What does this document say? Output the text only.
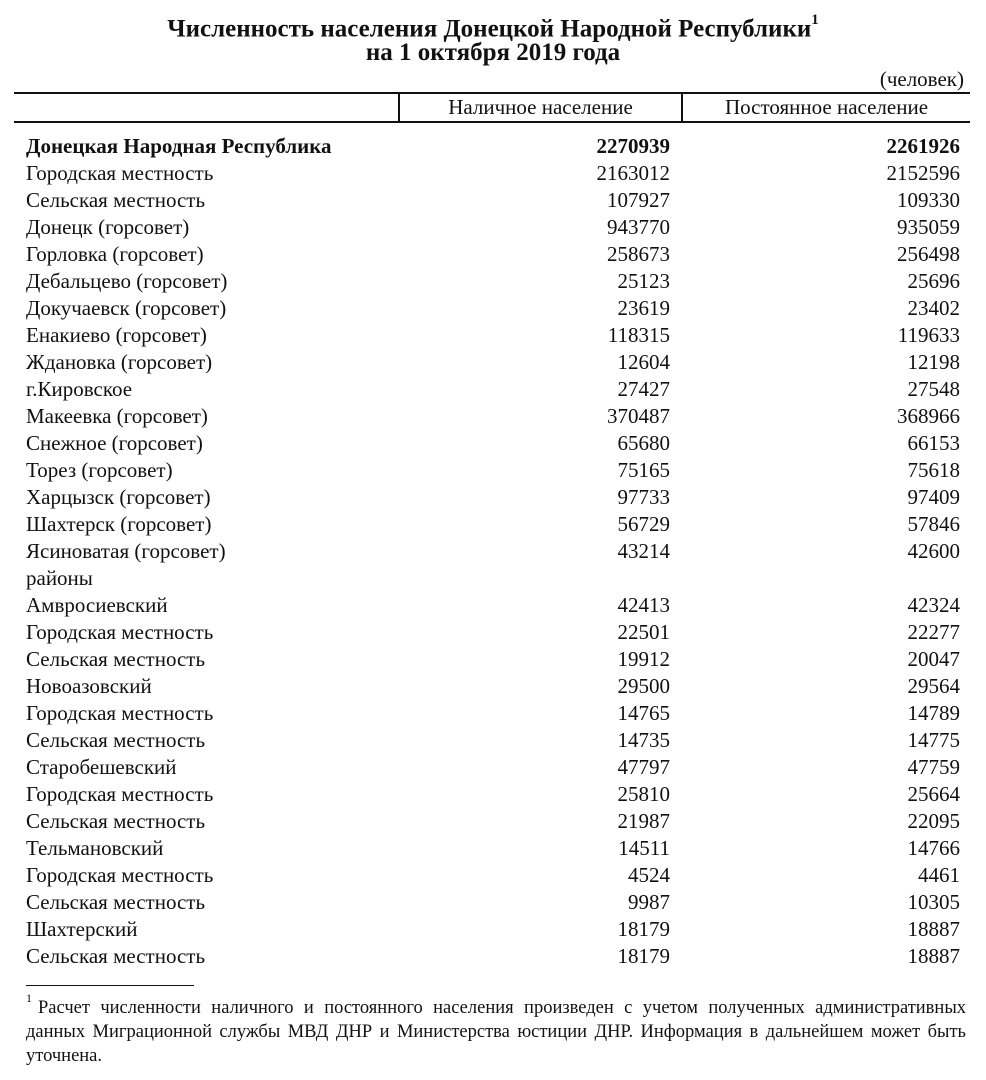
Численность населения Донецкой Народной Республики$^1$
на 1 октября 2019 года
(человек)
Наличное население	Постоянное население
Донецкая Народная Республика	2270939	2261926
Городская местность	2163012	2152596
Сельская местность	107927	109330
Донецк (горсовет)	943770	935059
Горловка (горсовет)	258673	256498
Дебальцево (горсовет)	25123	25696
Докучаевск (горсовет)	23619	23402
Енакиево (горсовет)	118315	119633
Ждановка (горсовет)	12604	12198
г.Кировское	27427	27548
Макеевка (горсовет)	370487	368966
Снежное (горсовет)	65680	66153
Торез (горсовет)	75165	75618
Харцызск (горсовет)	97733	97409
Шахтерск (горсовет)	56729	57846
Ясиноватая (горсовет)	43214	42600
районы
Амвросиевский	42413	42324
Городская местность	22501	22277
Сельская местность	19912	20047
Новоазовский	29500	29564
Городская местность	14765	14789
Сельская местность	14735	14775
Старобешевский	47797	47759
Городская местность	25810	25664
Сельская местность	21987	22095
Тельмановский	14511	14766
Городская местность	4524	4461
Сельская местность	9987	10305
Шахтерский	18179	18887
Сельская местность	18179	18887
$^1$Расчет численности наличного и постоянного населения произведен с учетом полученных административных данных Миграционной службы МВД ДНР и Министерства юстиции ДНР. Информация в дальнейшем может быть уточнена.
